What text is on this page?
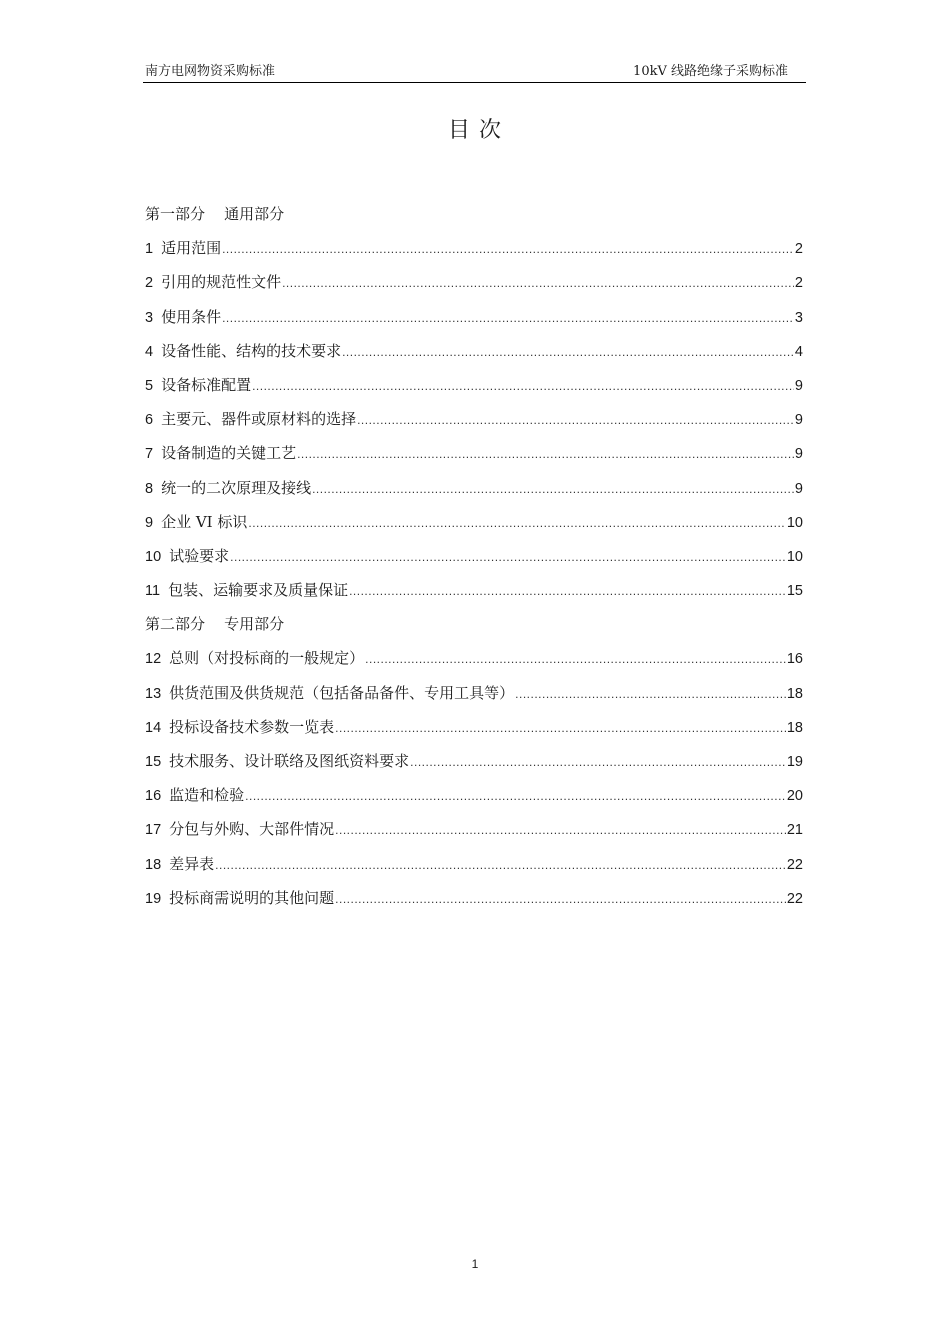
南方电网物资采购标准	10kV 线路绝缘子采购标准
目 次
第一部分    通用部分
1 适用范围 .....	2
2 引用的规范性文件 .....	2
3 使用条件 .....	3
4 设备性能、结构的技术要求 .....	4
5 设备标准配置 .....	9
6 主要元、器件或原材料的选择 .....	9
7 设备制造的关键工艺 .....	9
8 统一的二次原理及接线 .....	9
9 企业 VI 标识 .....	10
10 试验要求 .....	10
11 包装、运输要求及质量保证 .....	15
第二部分    专用部分
12 总则（对投标商的一般规定） .....	16
13 供货范围及供货规范（包括备品备件、专用工具等） .....	18
14 投标设备技术参数一览表 .....	18
15 技术服务、设计联络及图纸资料要求 .....	19
16 监造和检验 .....	20
17 分包与外购、大部件情况 .....	21
18 差异表 .....	22
19 投标商需说明的其他问题 .....	22
1
